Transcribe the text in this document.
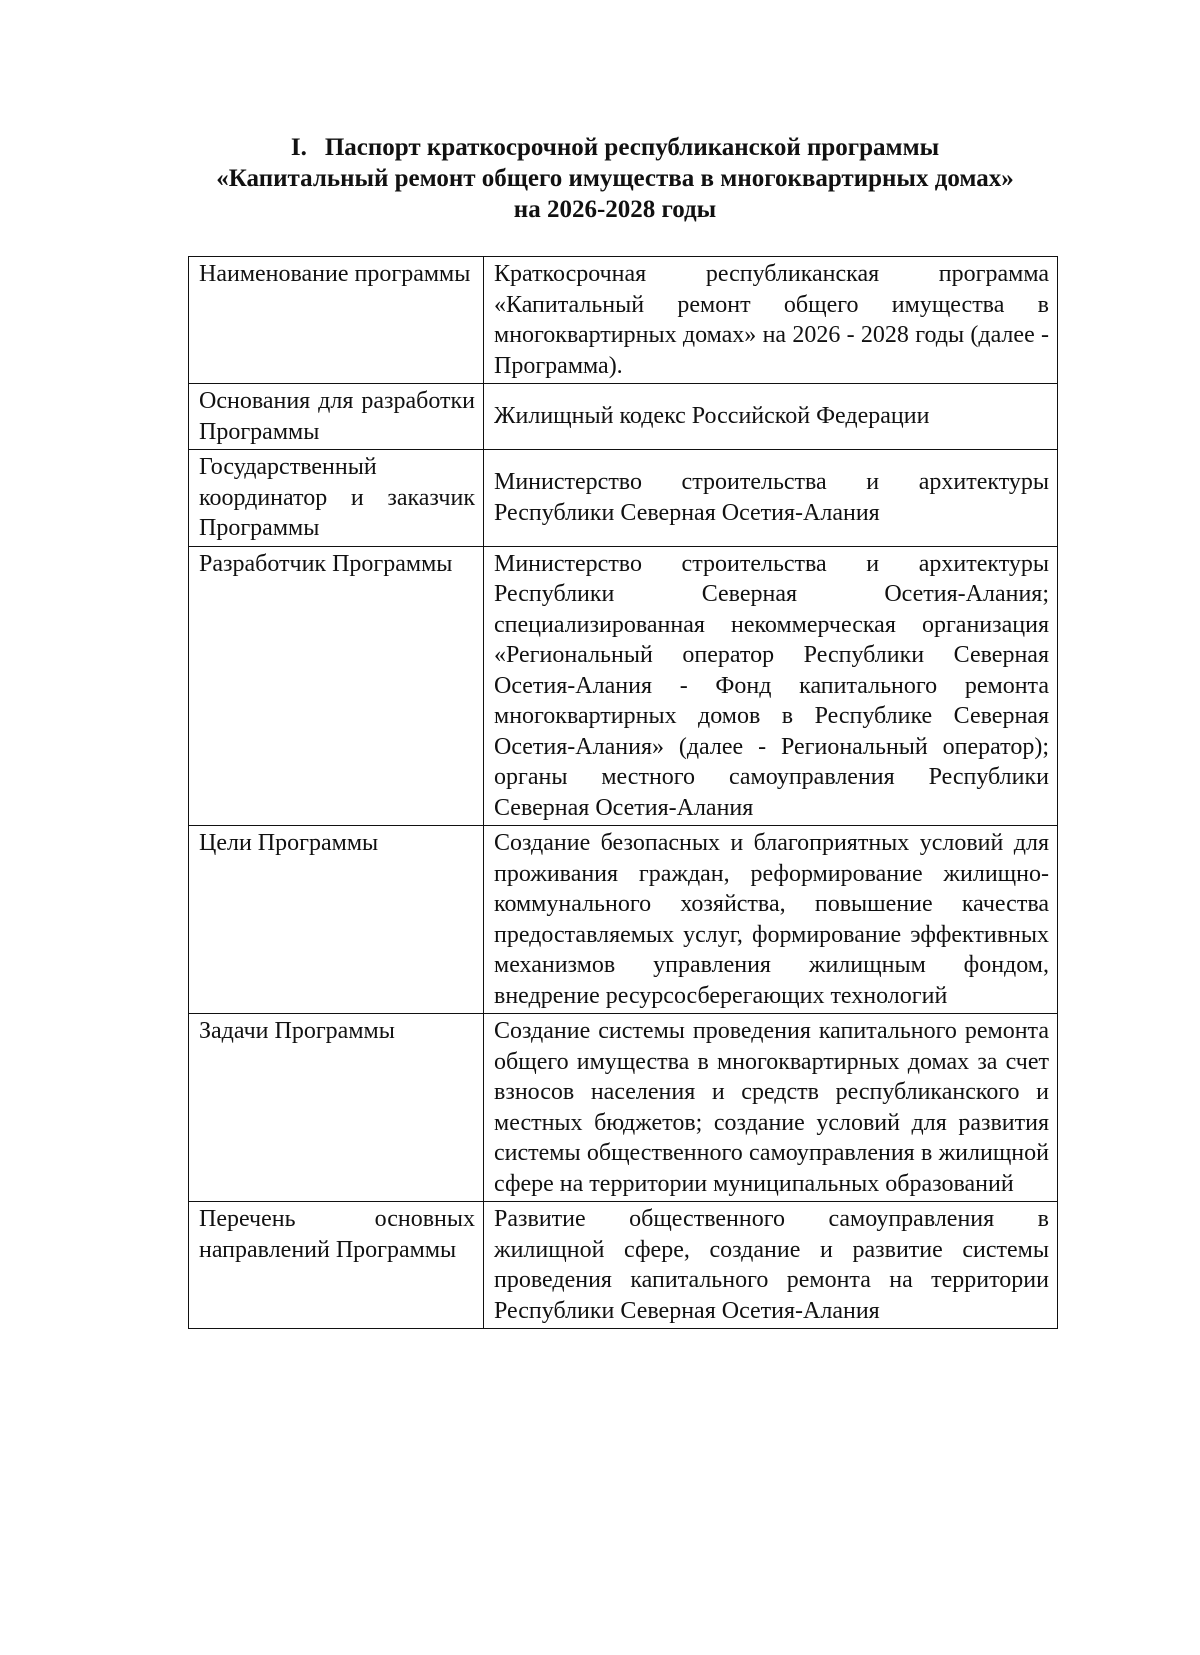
I. Паспорт краткосрочной республиканской программы
«Капитальный ремонт общего имущества в многоквартирных домах»
на 2026-2028 годы
Наименование программы	Краткосрочная республиканская программа «Капитальный ремонт общего имущества в многоквартирных домах» на 2026 - 2028 годы (далее - Программа).
Основания для разработки Программы	Жилищный кодекс Российской Федерации
Государственный координатор и заказчик Программы	Министерство строительства и архитектуры Республики Северная Осетия-Алания
Разработчик Программы	Министерство строительства и архитектуры Республики Северная Осетия-Алания; специализированная некоммерческая организация «Региональный оператор Республики Северная Осетия-Алания - Фонд капитального ремонта многоквартирных домов в Республике Северная Осетия-Алания» (далее - Региональный оператор); органы местного самоуправления Республики Северная Осетия-Алания
Цели Программы	Создание безопасных и благоприятных условий для проживания граждан, реформирование жилищно-коммунального хозяйства, повышение качества предоставляемых услуг, формирование эффективных механизмов управления жилищным фондом, внедрение ресурсосберегающих технологий
Задачи Программы	Создание системы проведения капитального ремонта общего имущества в многоквартирных домах за счет взносов населения и средств республиканского и местных бюджетов; создание условий для развития системы общественного самоуправления в жилищной сфере на территории муниципальных образований
Перечень основных направлений Программы	Развитие общественного самоуправления в жилищной сфере, создание и развитие системы проведения капитального ремонта на территории Республики Северная Осетия-Алания
